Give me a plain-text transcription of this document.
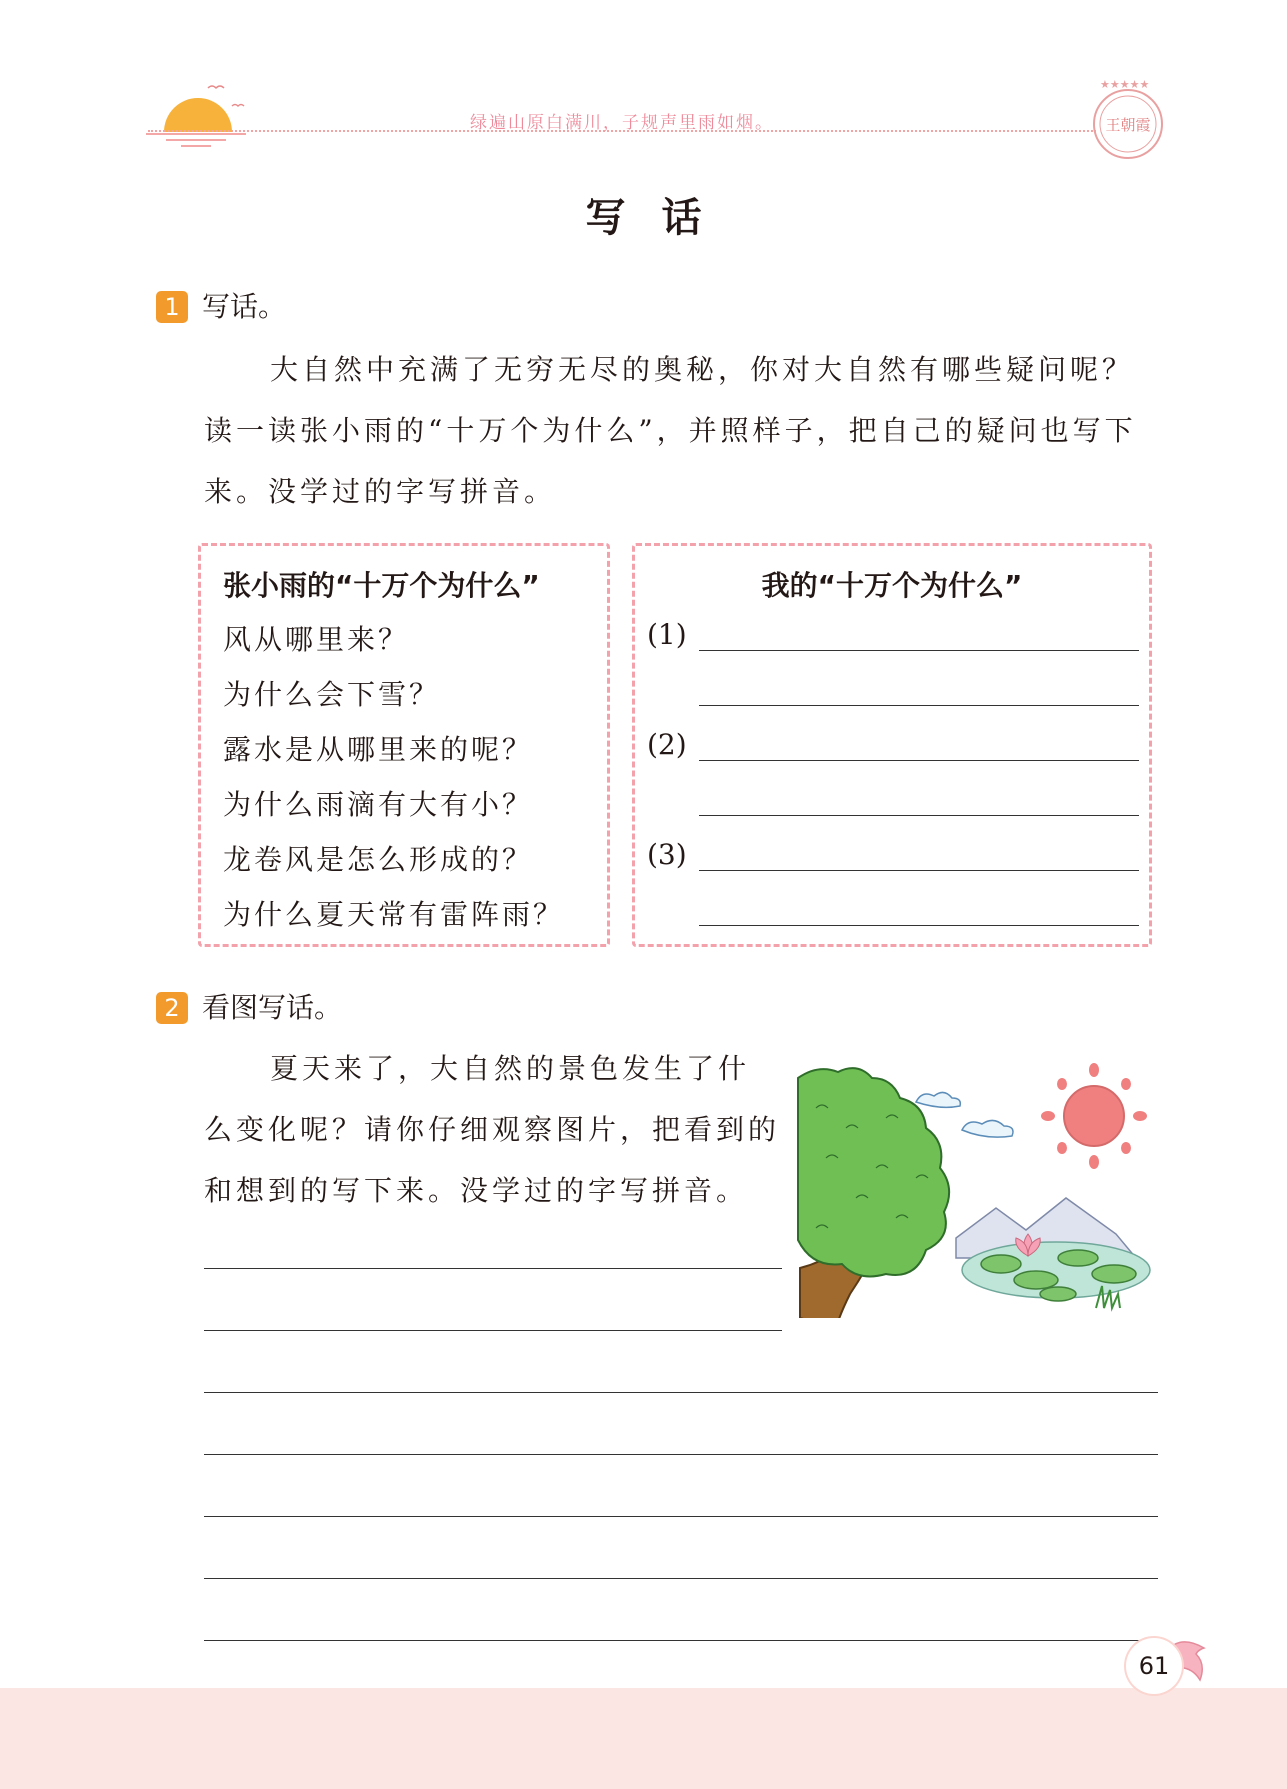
绿遍山原白满川，子规声里雨如烟。
★★★★★
王朝霞
写话
1 写话。

大自然中充满了无穷无尽的奥秘，你对大自然有哪些疑问呢？

读一读张小雨的“十万个为什么”，并照样子，把自己的疑问也写下

来。没学过的字写拼音。

张小雨的“十万个为什么”
风从哪里来？
为什么会下雪？
露水是从哪里来的呢？
为什么雨滴有大有小？
龙卷风是怎么形成的？
为什么夏天常有雷阵雨？
我的“十万个为什么”
(1)
(2)
(3)
2 看图写话。

夏天来了，大自然的景色发生了什

么变化呢？请你仔细观察图片，把看到的

和想到的写下来。没学过的字写拼音。

61
